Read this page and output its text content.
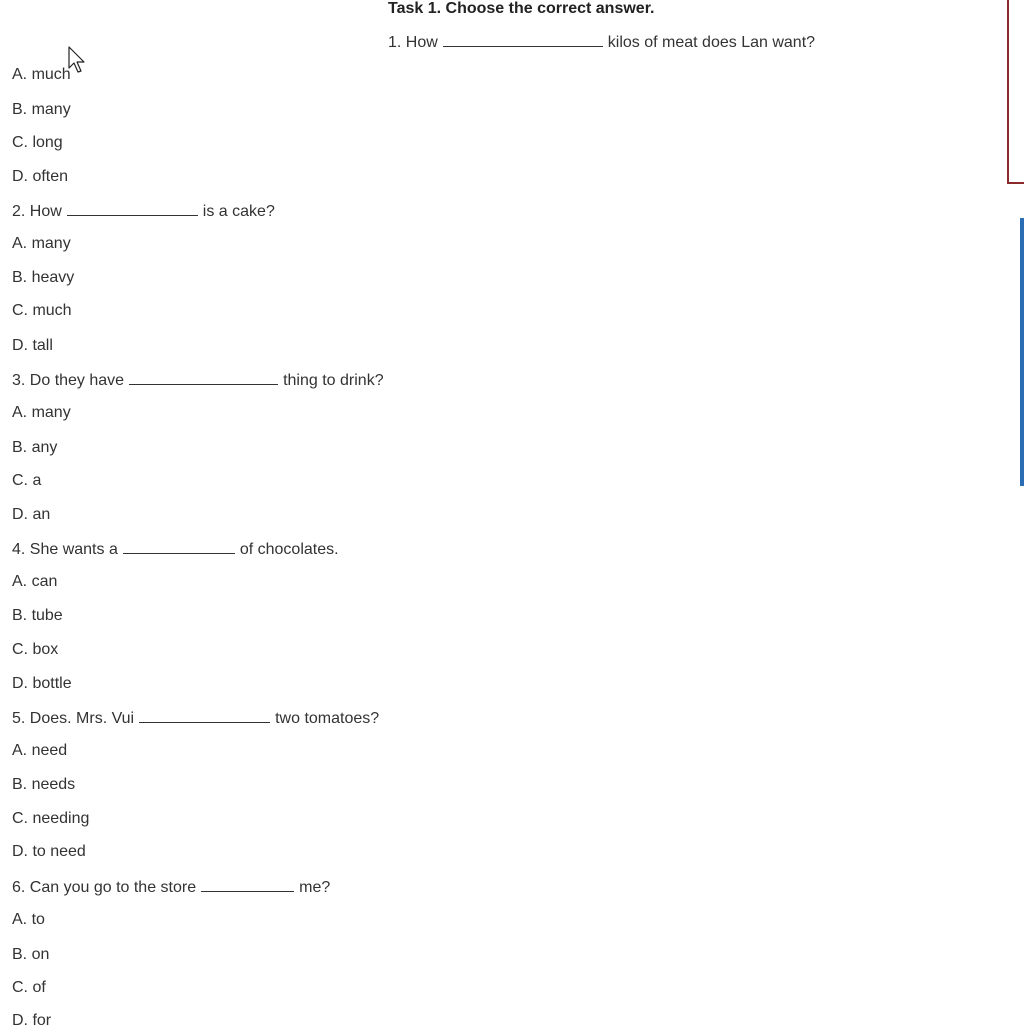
Task 1. Choose the correct answer.
1. How	kilos of meat does Lan want?
A. much
B. many
C. long
D. often
2. How	is a cake?
A. many
B. heavy
C. much
D. tall
3. Do they have	thing to drink?
A. many
B. any
C. a
D. an
4. She wants a	of chocolates.
A. can
B. tube
C. box
D. bottle
5. Does. Mrs. Vui	two tomatoes?
A. need
B. needs
C. needing
D. to need
6. Can you go to the store	me?
A. to
B. on
C. of
D. for
